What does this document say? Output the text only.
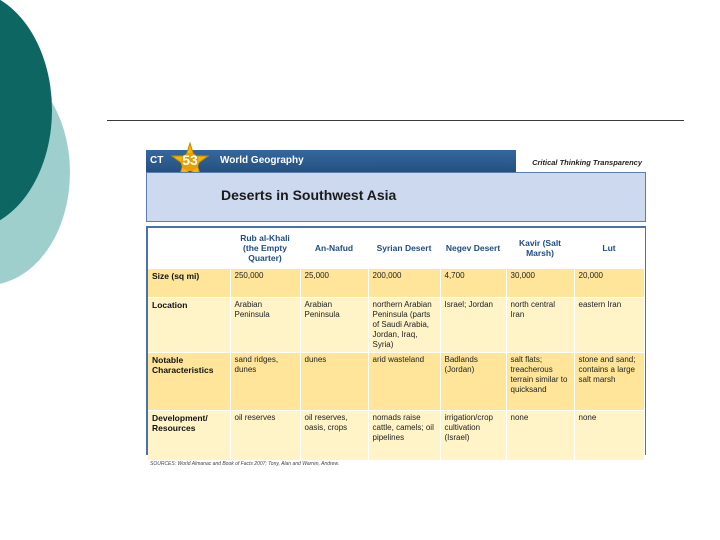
CT	World Geography	Critical Thinking Transparency
53
Deserts in Southwest Asia
	Rub al-Khali (the Empty Quarter)	An-Nafud	Syrian Desert	Negev Desert	Kavir (Salt Marsh)	Lut
Size (sq mi)	250,000	25,000	200,000	4,700	30,000	20,000
Location	Arabian Peninsula	Arabian Peninsula	northern Arabian Peninsula (parts of Saudi Arabia, Jordan, Iraq, Syria)	Israel; Jordan	north central Iran	eastern Iran
Notable Characteristics	sand ridges, dunes	dunes	arid wasteland	Badlands (Jordan)	salt flats; treacherous terrain similar to quicksand	stone and sand; contains a large salt marsh
Development/ Resources	oil reserves	oil reserves, oasis, crops	nomads raise cattle, camels; oil pipelines	irrigation/crop cultivation (Israel)	none	none
SOURCES: World Almanac and Book of Facts 2007; Tony, Alan and Warren, Andrew.
